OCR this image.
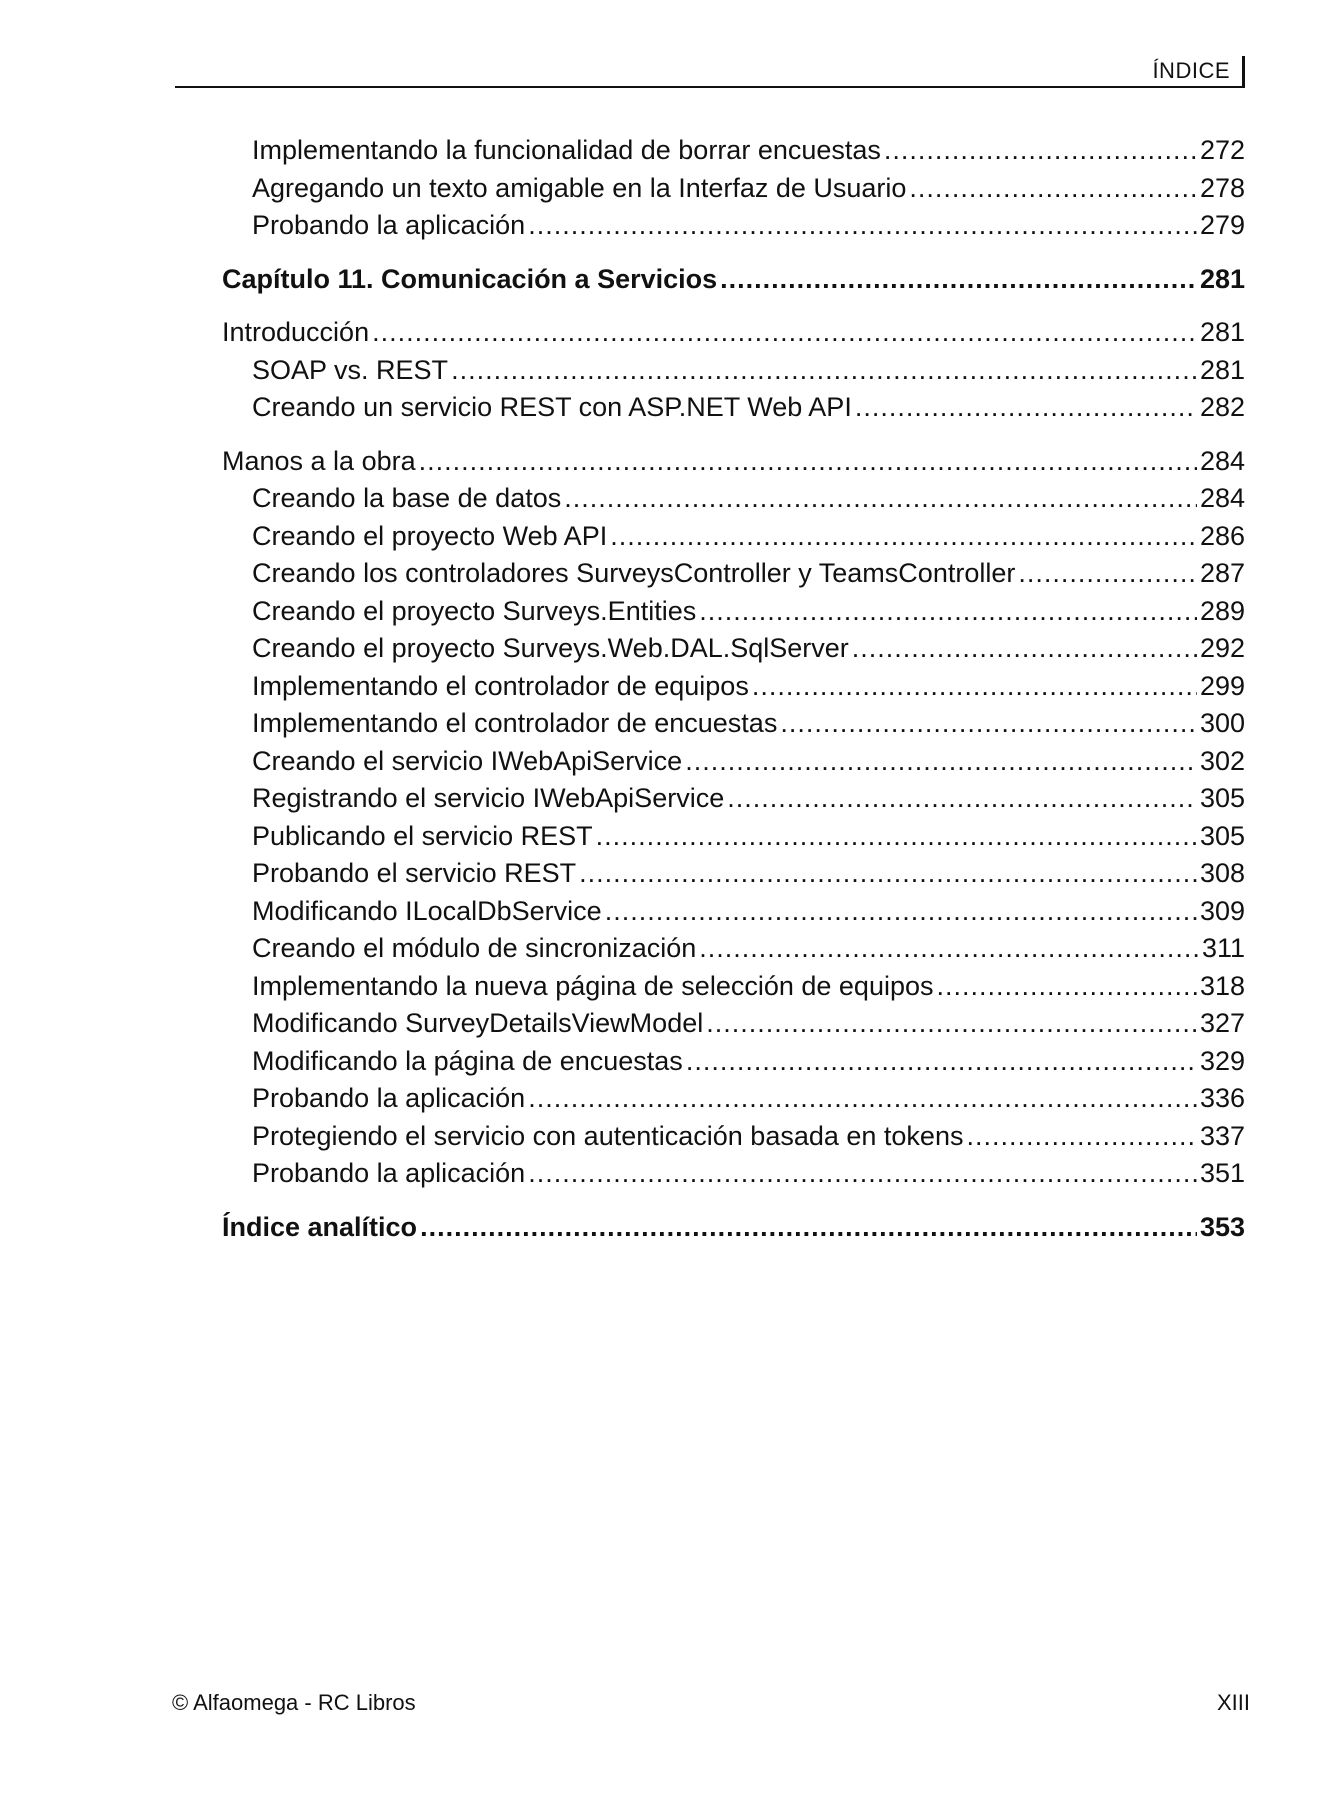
ÍNDICE
Implementando la funcionalidad de borrar encuestas .....	272
Agregando un texto amigable en la Interfaz de Usuario .....	278
Probando la aplicación .....	279
Capítulo 11. Comunicación a Servicios .....	281
Introducción .....	281
SOAP vs. REST .....	281
Creando un servicio REST con ASP.NET Web API .....	282
Manos a la obra .....	284
Creando la base de datos .....	284
Creando el proyecto Web API .....	286
Creando los controladores SurveysController y TeamsController .....	287
Creando el proyecto Surveys.Entities .....	289
Creando el proyecto Surveys.Web.DAL.SqlServer .....	292
Implementando el controlador de equipos .....	299
Implementando el controlador de encuestas .....	300
Creando el servicio IWebApiService .....	302
Registrando el servicio IWebApiService .....	305
Publicando el servicio REST .....	305
Probando el servicio REST .....	308
Modificando ILocalDbService .....	309
Creando el módulo de sincronización .....	311
Implementando la nueva página de selección de equipos .....	318
Modificando SurveyDetailsViewModel .....	327
Modificando la página de encuestas .....	329
Probando la aplicación .....	336
Protegiendo el servicio con autenticación basada en tokens .....	337
Probando la aplicación .....	351
Índice analítico .....	353
© Alfaomega - RC Libros	XIII
